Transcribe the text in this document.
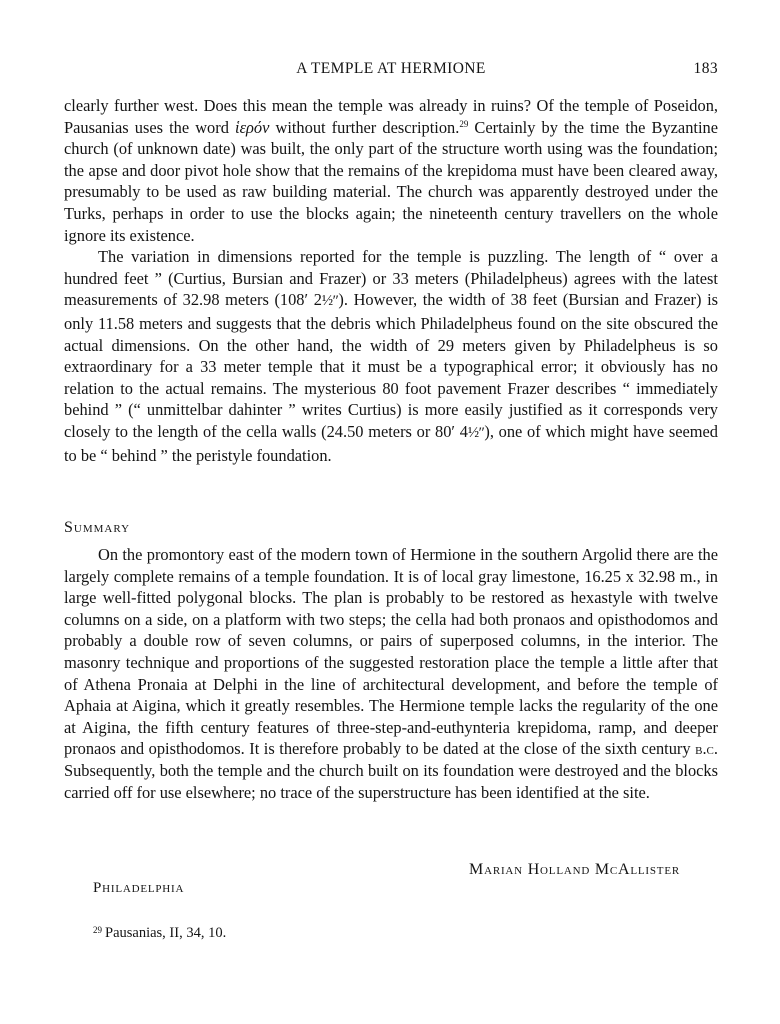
A TEMPLE AT HERMIONE	183

clearly further west. Does this mean the temple was already in ruins? Of the temple of Poseidon, Pausanias uses the word ἱερόν without further description.$^{29}$ Certainly by the time the Byzantine church (of unknown date) was built, the only part of the structure worth using was the foundation; the apse and door pivot hole show that the remains of the krepidoma must have been cleared away, presumably to be used as raw building material. The church was apparently destroyed under the Turks, perhaps in order to use the blocks again; the nineteenth century travellers on the whole ignore its existence.

The variation in dimensions reported for the temple is puzzling. The length of “ over a hundred feet ” (Curtius, Bursian and Frazer) or 33 meters (Philadelpheus) agrees with the latest measurements of 32.98 meters (108′ 2½″). However, the width of 38 feet (Bursian and Frazer) is only 11.58 meters and suggests that the debris which Philadelpheus found on the site obscured the actual dimensions. On the other hand, the width of 29 meters given by Philadelpheus is so extraordinary for a 33 meter temple that it must be a typographical error; it obviously has no relation to the actual remains. The mysterious 80 foot pavement Frazer describes “ immediately behind ” (“ unmittelbar dahinter ” writes Curtius) is more easily justified as it corresponds very closely to the length of the cella walls (24.50 meters or 80′ 4½″), one of which might have seemed to be “ behind ” the peristyle foundation.

Summary

On the promontory east of the modern town of Hermione in the southern Argolid there are the largely complete remains of a temple foundation. It is of local gray limestone, 16.25 x 32.98 m., in large well-fitted polygonal blocks. The plan is probably to be restored as hexastyle with twelve columns on a side, on a platform with two steps; the cella had both pronaos and opisthodomos and probably a double row of seven columns, or pairs of superposed columns, in the interior. The masonry technique and proportions of the suggested restoration place the temple a little after that of Athena Pronaia at Delphi in the line of architectural development, and before the temple of Aphaia at Aigina, which it greatly resembles. The Hermione temple lacks the regularity of the one at Aigina, the fifth century features of three-step-and-euthynteria krepidoma, ramp, and deeper pronaos and opisthodomos. It is therefore probably to be dated at the close of the sixth century b.c. Subsequently, both the temple and the church built on its foundation were destroyed and the blocks carried off for use elsewhere; no trace of the superstructure has been identified at the site.

Marian Holland McAllister
Philadelphia
$^{29}$ Pausanias, II, 34, 10.
